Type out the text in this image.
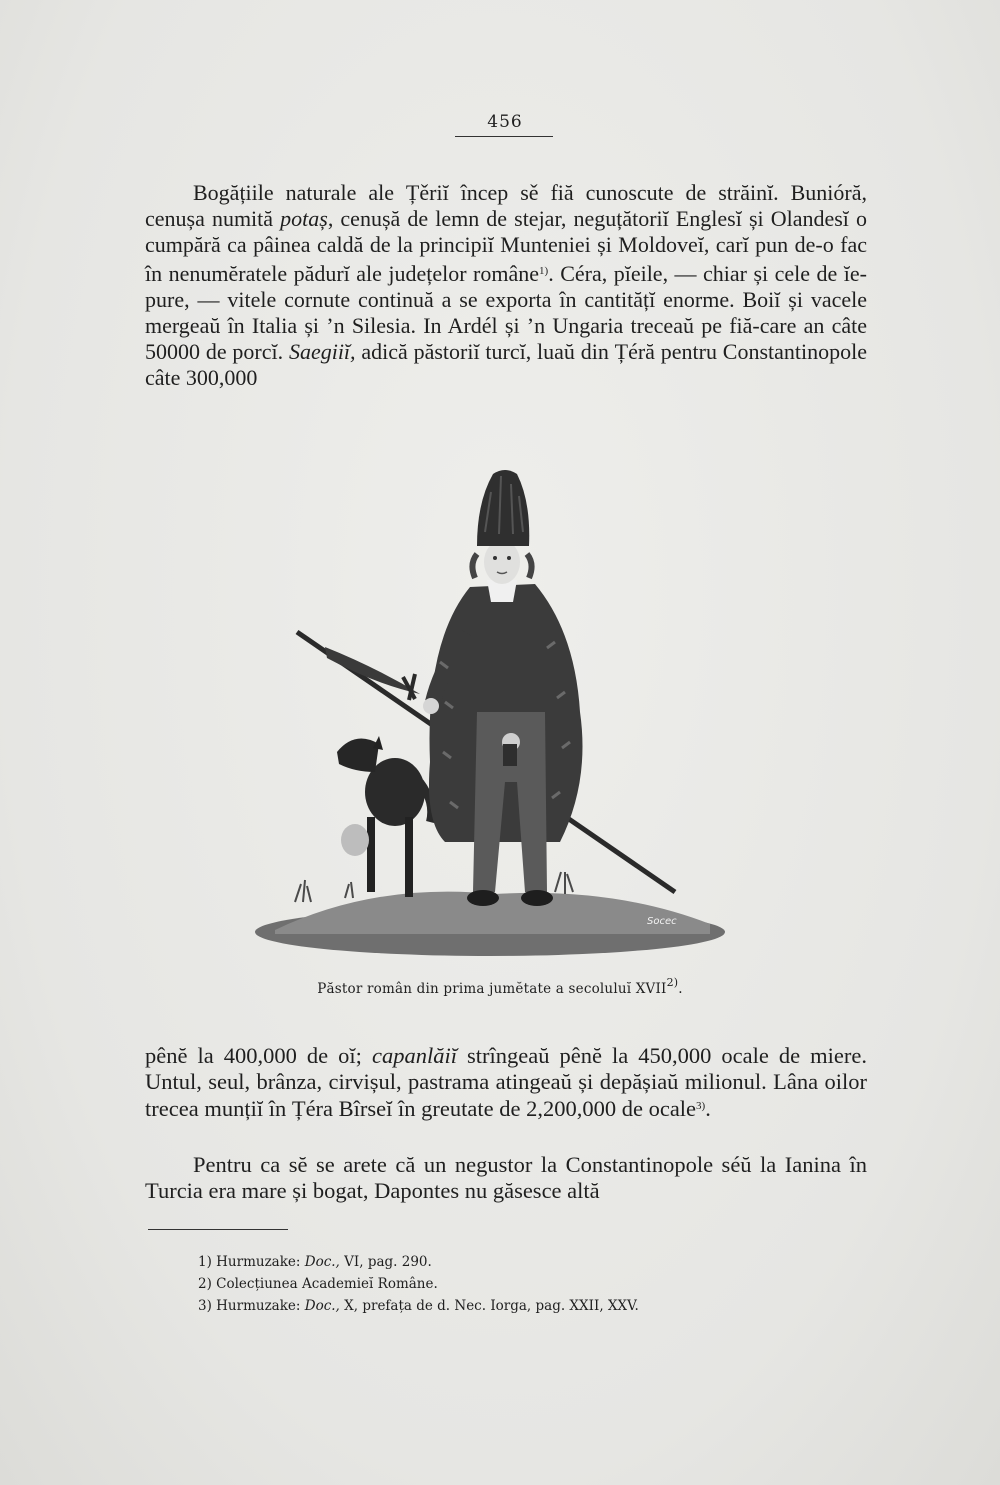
456

Bogățiile naturale ale Țěriĭ încep sě fiă cunoscute de străinĭ. Bunióră, cenușa numită potaș, cenușă de lemn de stejar, neguțătoriĭ Englesĭ și Olandesĭ o cumpără ca pâinea caldă de la principiĭ Munteniei și Moldoveĭ, carĭ pun de-o fac în nenumĕratele pădurĭ ale județelor române$^{1)}$. Céra, pĭeile, — chiar și cele de ĭepure, — vitele cornute continuă a se exporta în cantitățĭ enorme. Boiĭ și vacele mergeaŭ în Italia și ’n Silesia. In Ardél și ’n Ungaria treceaŭ pe fiă-care an câte 50000 de porcĭ. Saegiiĭ, adică păstoriĭ turcĭ, luaŭ din Țéră pentru Constantinopole câte 300,000

Socec
Păstor român din prima jumĕtate a secoluluĭ XVII$^{2)}$.

pênĕ la 400,000 de oĭ; capanlăiĭ strîngeaŭ pênĕ la 450,000 ocale de miere. Untul, seul, brânza, cirvișul, pastrama atingeaŭ și depășiaŭ milionul. Lâna oilor trecea munțiĭ în Țéra Bîrseĭ în greutate de 2,200,000 de ocale$^{3)}$.

Pentru ca sĕ se arete că un negustor la Constantinopole séŭ la Ianina în Turcia era mare și bogat, Dapontes nu găsesce altă

1) Hurmuzake: Doc., VI, pag. 290.
2) Colecțiunea Academieĭ Române.
3) Hurmuzake: Doc., X, prefața de d. Nec. Iorga, pag. XXII, XXV.
